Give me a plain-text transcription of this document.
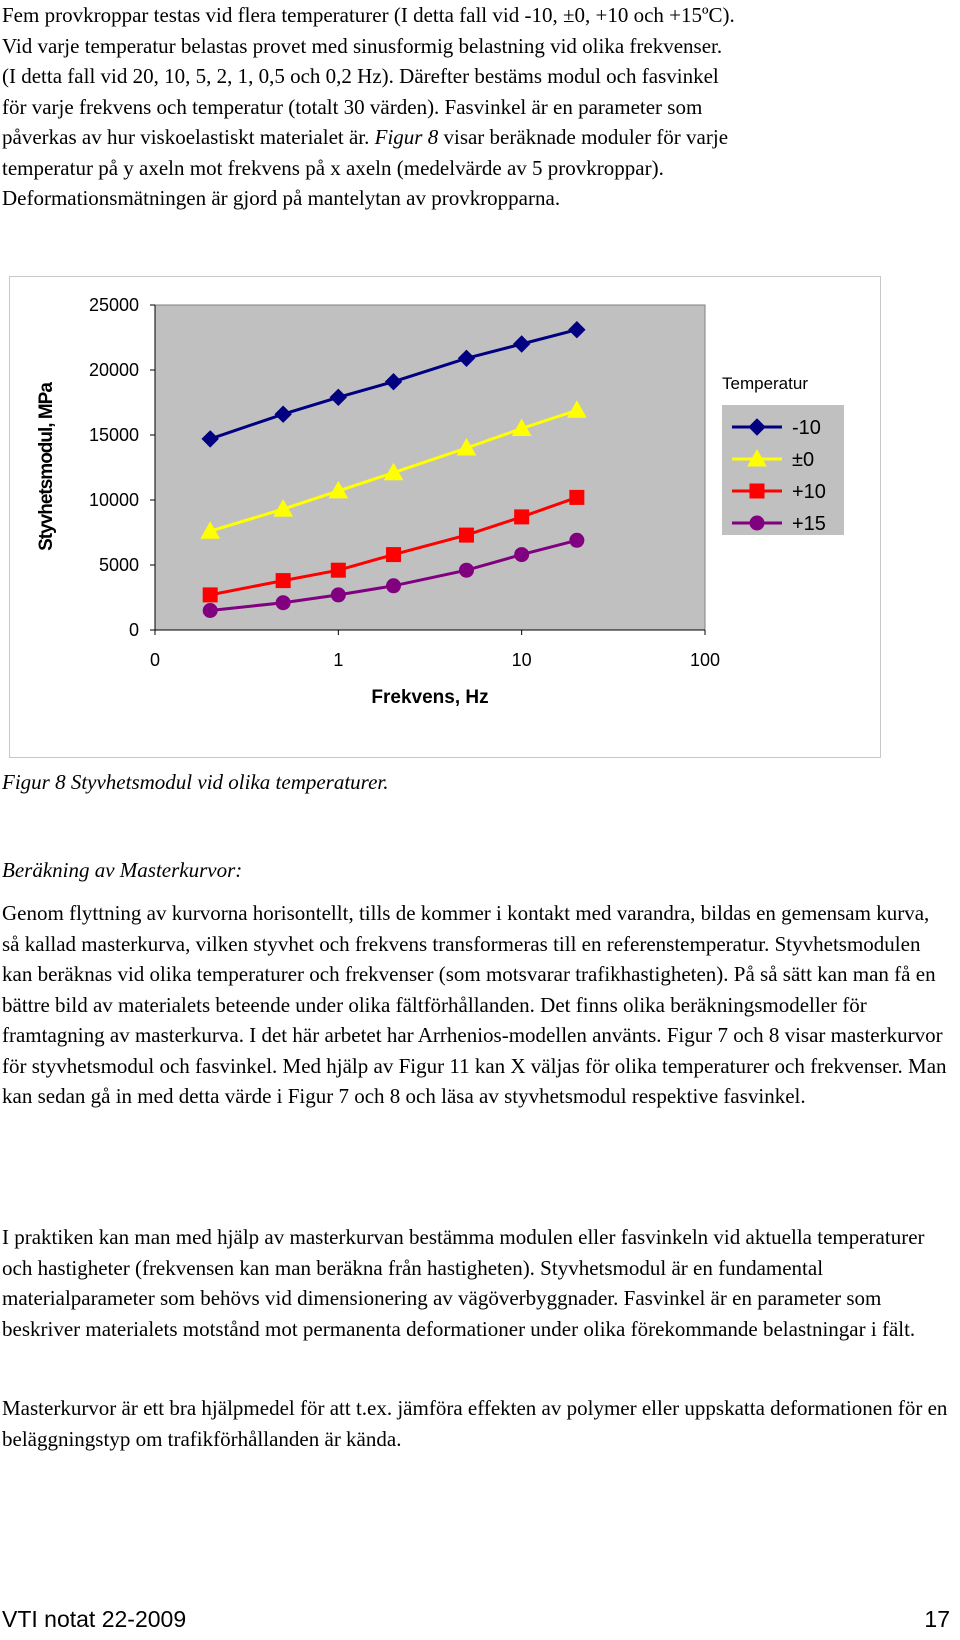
Fem provkroppar testas vid flera temperaturer (I detta fall vid -10, ±0, +10 och +15ºC).
Vid varje temperatur belastas provet med sinusformig belastning vid olika frekvenser.
(I detta fall vid 20, 10, 5, 2, 1, 0,5 och 0,2 Hz). Därefter bestäms modul och fasvinkel
för varje frekvens och temperatur (totalt 30 värden). Fasvinkel är en parameter som
påverkas av hur viskoelastiskt materialet är. Figur 8 visar beräknade moduler för varje
temperatur på y axeln mot frekvens på x axeln (medelvärde av 5 provkroppar).
Deformationsmätningen är gjord på mantelytan av provkropparna.
0
5000
10000
15000
20000
25000
0	1	10	100
Frekvens, Hz
Styvhetsmodul, MPa	Temperatur
-10
±0
+10
+15
Figur 8 Styvhetsmodul vid olika temperaturer.
Beräkning av Masterkurvor:

Genom flyttning av kurvorna horisontellt, tills de kommer i kontakt med varandra, bildas en gemensam kurva, så kallad masterkurva, vilken styvhet och frekvens transformeras till en referenstemperatur. Styvhetsmodulen kan beräknas vid olika temperaturer och frekvenser (som motsvarar trafikhastigheten). På så sätt kan man få en bättre bild av materialets beteende under olika fältförhållanden. Det finns olika beräkningsmodeller för framtagning av masterkurva. I det här arbetet har Arrhenios-modellen använts. Figur 7 och 8 visar masterkurvor för styvhetsmodul och fasvinkel. Med hjälp av Figur 11 kan X väljas för olika temperaturer och frekvenser. Man kan sedan gå in med detta värde i Figur 7 och 8 och läsa av styvhetsmodul respektive fasvinkel.

I praktiken kan man med hjälp av masterkurvan bestämma modulen eller fasvinkeln vid aktuella temperaturer och hastigheter (frekvensen kan man beräkna från hastigheten). Styvhetsmodul är en fundamental materialparameter som behövs vid dimensionering av vägöverbyggnader. Fasvinkel är en parameter som beskriver materialets motstånd mot permanenta deformationer under olika förekommande belastningar i fält.

Masterkurvor är ett bra hjälpmedel för att t.ex. jämföra effekten av polymer eller uppskatta deformationen för en beläggningstyp om trafikförhållanden är kända.

VTI notat 22-2009	17
